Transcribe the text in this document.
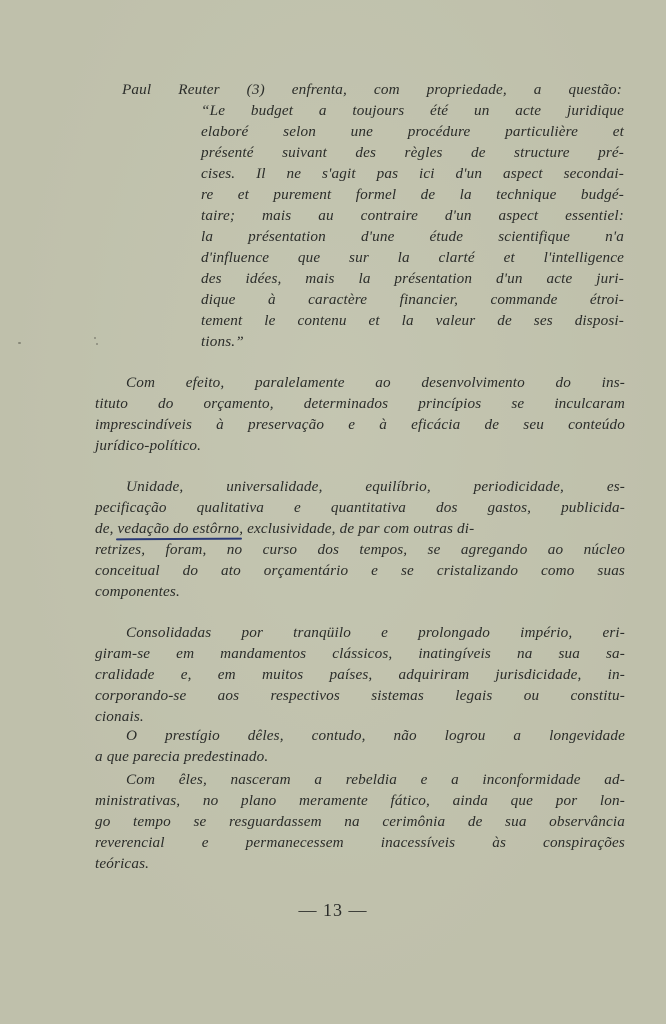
Paul Reuter (3) enfrenta, com propriedade, a questão:
“Le budget a toujours été un acte juridique
elaboré selon une procédure particulière et
présenté suivant des règles de structure pré-
cises. Il ne s'agit pas ici d'un aspect secondai-
re et purement formel de la technique budgé-
taire; mais au contraire d'un aspect essentiel:
la présentation d'une étude scientifique n'a
d'influence que sur la clarté et l'intelligence
des idées, mais la présentation d'un acte juri-
dique à caractère financier, commande étroi-
tement le contenu et la valeur de ses disposi-
tions.”
Com efeito, paralelamente ao desenvolvimento do ins-
tituto do orçamento, determinados princípios se inculcaram
imprescindíveis à preservação e à eficácia de seu conteúdo
jurídico-político.
Unidade, universalidade, equilíbrio, periodicidade, es-
pecificação qualitativa e quantitativa dos gastos, publicida-
de, vedação do estôrno, exclusividade, de par com outras di-
retrizes, foram, no curso dos tempos, se agregando ao núcleo
conceitual do ato orçamentário e se cristalizando como suas
componentes.
Consolidadas por tranqüilo e prolongado império, eri-
giram-se em mandamentos clássicos, inatingíveis na sua sa-
cralidade e, em muitos países, adquiriram jurisdicidade, in-
corporando-se aos respectivos sistemas legais ou constitu-
cionais.
O prestígio dêles, contudo, não logrou a longevidade
a que parecia predestinado.
Com êles, nasceram a rebeldia e a inconformidade ad-
ministrativas, no plano meramente fático, ainda que por lon-
go tempo se resguardassem na cerimônia de sua observância
reverencial e permanecessem inacessíveis às conspirações
teóricas.
— 13 —
